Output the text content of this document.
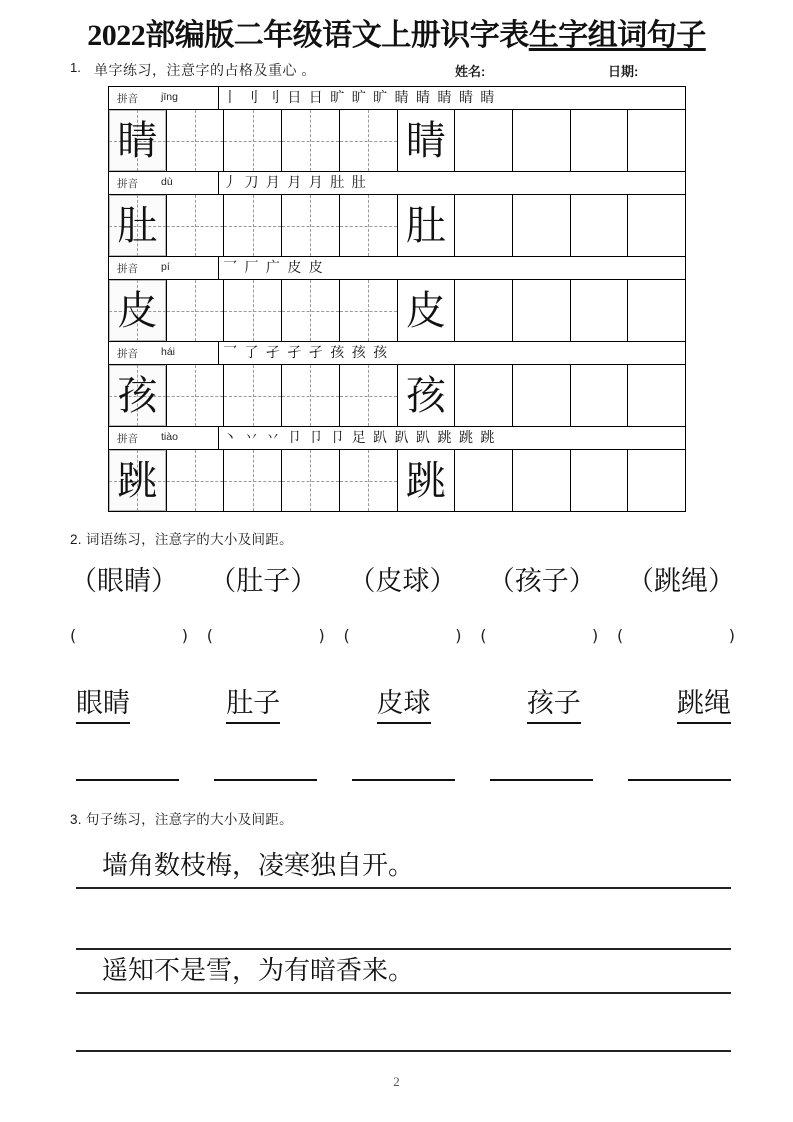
2022部编版二年级语文上册识字表生字组词句子
1. 单字练习，注意字的占格及重心 。	姓名:	日期:
拼音 jīng	丨 刂 刂 日 日 旷 旷 旷 睛 睛 睛 睛 睛
睛	睛
拼音 dù	丿 刀 月 月 月 肚 肚
肚	肚
拼音 pí	乛 厂 广 皮 皮
皮	皮
拼音 hái	乛 了 孑 孑 孑 孩 孩 孩
孩	孩
拼音 tiào	丶 丷 丷 卩 卩 卩 足 趴 趴 趴 跳 跳 跳
跳	跳
2. 词语练习，注意字的大小及间距。
（眼睛） （肚子） （皮球） （孩子） （跳绳）
(	) (	) (	) (	) (	)
眼睛	肚子	皮球	孩子	跳绳
3. 句子练习，注意字的大小及间距。
墙角数枝梅，凌寒独自开。
遥知不是雪，为有暗香来。
2
